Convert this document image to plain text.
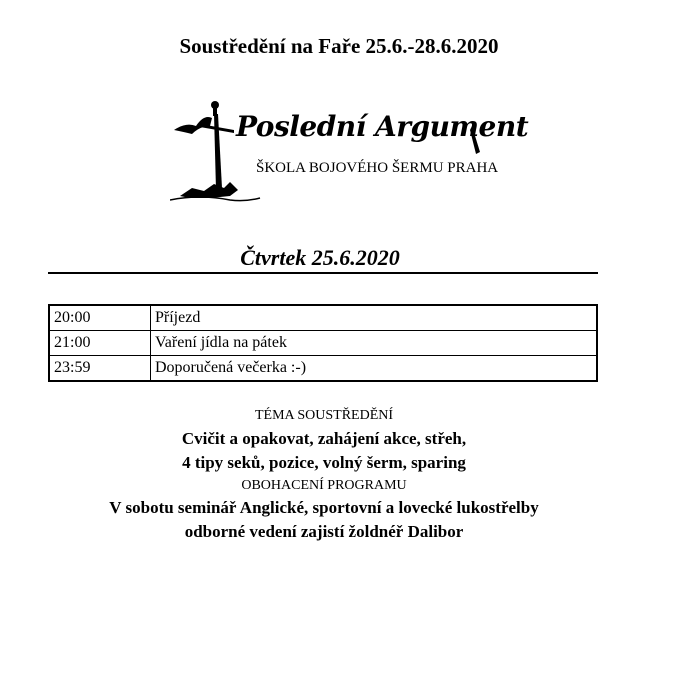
Soustředění na Faře 25.6.-28.6.2020
Poslední Argument
ŠKOLA BOJOVÉHO ŠERMU PRAHA
Čtvrtek 25.6.2020
20:00	Příjezd
21:00	Vaření jídla na pátek
23:59	Doporučená večerka :-)
TÉMA SOUSTŘEDĚNÍ
Cvičit a opakovat, zahájení akce, střeh,
4 tipy seků, pozice, volný šerm, sparing
OBOHACENÍ PROGRAMU
V sobotu seminář Anglické, sportovní a lovecké lukostřelby
odborné vedení zajistí žoldnéř Dalibor
